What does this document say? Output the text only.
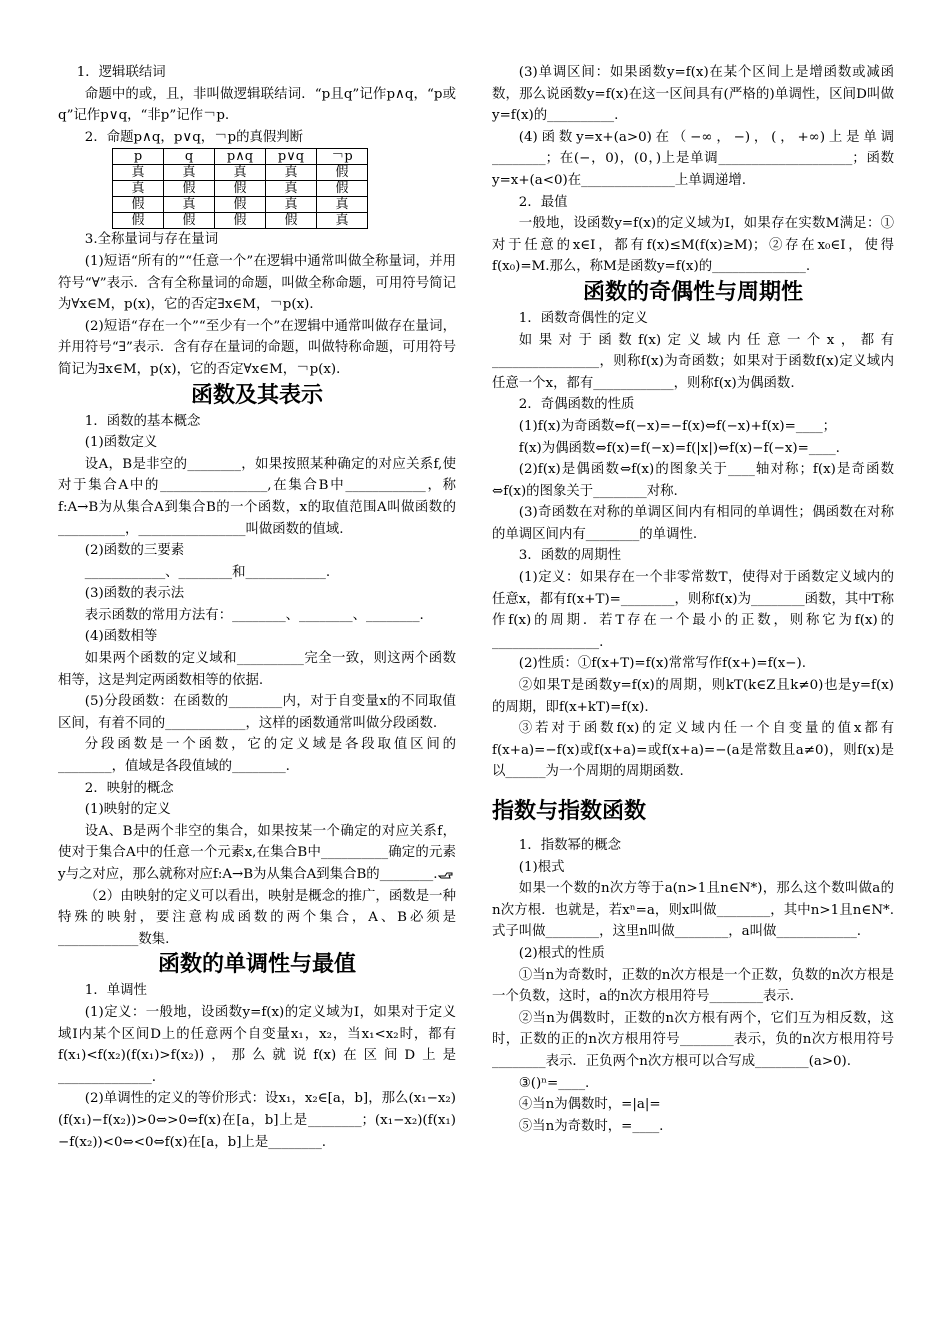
1．逻辑联结词

命题中的或，且，非叫做逻辑联结词．“p且q”记作p∧q，“p或q”记作p∨q，“非p”记作￢p.

2．命题p∧q，p∨q，￢p的真假判断

p	q	p∧q	p∨q	￢p
真	真	真	真	假
真	假	假	真	假
假	真	假	真	真
假	假	假	假	真

3.全称量词与存在量词

(1)短语“所有的”“任意一个”在逻辑中通常叫做全称量词，并用符号“∀”表示．含有全称量词的命题，叫做全称命题，可用符号简记为∀x∈M，p(x)，它的否定∃x∈M，￢p(x)．

(2)短语“存在一个”“至少有一个”在逻辑中通常叫做存在量词，并用符号“∃”表示．含有存在量词的命题，叫做特称命题，可用符号简记为∃x∈M，p(x)，它的否定∀x∈M，￢p(x)．

函数及其表示

1．函数的基本概念

(1)函数定义

设A，B是非空的________，如果按照某种确定的对应关系f,使对于集合A中的________________,在集合B中____________，称f:A→B为从集合A到集合B的一个函数，x的取值范围A叫做函数的__________，________________叫做函数的值域.

(2)函数的三要素

____________、________和____________.

(3)函数的表示法

表示函数的常用方法有：________、________、________.

(4)函数相等

如果两个函数的定义域和__________完全一致，则这两个函数相等，这是判定两函数相等的依据.

(5)分段函数：在函数的________内，对于自变量x的不同取值区间，有着不同的____________，这样的函数通常叫做分段函数.

分段函数是一个函数，它的定义域是各段取值区间的________，值域是各段值域的________.

2．映射的概念

(1)映射的定义

设A、B是两个非空的集合，如果按某一个确定的对应关系f，使对于集合A中的任意一个元素x,在集合B中__________确定的元素y与之对应，那么就称对应f:A→B为从集合A到集合B的________.

（2）由映射的定义可以看出，映射是概念的推广，函数是一种特殊的映射，要注意构成函数的两个集合，A、B必须是____________数集.

函数的单调性与最值

1．单调性

(1)定义：一般地，设函数y=f(x)的定义域为I，如果对于定义域I内某个区间D上的任意两个自变量x₁，x₂，当x₁<x₂时，都有f(x₁)<f(x₂)(f(x₁)>f(x₂))，那么就说f(x)在区间D上是______________.

(2)单调性的定义的等价形式：设x₁，x₂∈[a，b]，那么(x₁−x₂)(f(x₁)−f(x₂))>0⇔>0⇔f(x)在[a，b]上是________；(x₁−x₂)(f(x₁)−f(x₂))<0⇔<0⇔f(x)在[a，b]上是________.

(3)单调区间：如果函数y=f(x)在某个区间上是增函数或减函数，那么说函数y=f(x)在这一区间具有(严格的)单调性，区间D叫做y=f(x)的__________.

(4)函数y=x+(a>0)在（−∞，−)，(，+∞)上是单调________；在(−，0)，(0，)上是单调____________________；函数y=x+(a<0)在______________上单调递增.

2．最值

一般地，设函数y=f(x)的定义域为I，如果存在实数M满足：①对于任意的x∈I，都有f(x)≤M(f(x)≥M)；②存在x₀∈I，使得f(x₀)=M.那么，称M是函数y=f(x)的______________.

函数的奇偶性与周期性

1．函数奇偶性的定义

如果对于函数f(x)定义域内任意一个x，都有________________，则称f(x)为奇函数；如果对于函数f(x)定义域内任意一个x，都有____________，则称f(x)为偶函数.

2．奇偶函数的性质

(1)f(x)为奇函数⇔f(−x)=−f(x)⇔f(−x)+f(x)=____；

f(x)为偶函数⇔f(x)=f(−x)=f(|x|)⇔f(x)−f(−x)=____.

(2)f(x)是偶函数⇔f(x)的图象关于____轴对称；f(x)是奇函数⇔f(x)的图象关于________对称.

(3)奇函数在对称的单调区间内有相同的单调性；偶函数在对称的单调区间内有________的单调性.

3．函数的周期性

(1)定义：如果存在一个非零常数T，使得对于函数定义域内的任意x，都有f(x+T)=________，则称f(x)为________函数，其中T称作f(x)的周期．若T存在一个最小的正数，则称它为f(x)的________________.

(2)性质：①f(x+T)=f(x)常常写作f(x+)=f(x−).

②如果T是函数y=f(x)的周期，则kT(k∈Z且k≠0)也是y=f(x)的周期，即f(x+kT)=f(x).

③若对于函数f(x)的定义域内任一个自变量的值x都有f(x+a)=−f(x)或f(x+a)=或f(x+a)=−(a是常数且a≠0)，则f(x)是以______为一个周期的周期函数.

指数与指数函数

1．指数幂的概念

(1)根式

如果一个数的n次方等于a(n>1且n∈N*)，那么这个数叫做a的n次方根．也就是，若xⁿ=a，则x叫做________，其中n>1且n∈N*.式子叫做________，这里n叫做________，a叫做____________.

(2)根式的性质

①当n为奇数时，正数的n次方根是一个正数，负数的n次方根是一个负数，这时，a的n次方根用符号________表示.

②当n为偶数时，正数的n次方根有两个，它们互为相反数，这时，正数的正的n次方根用符号________表示，负的n次方根用符号________表示．正负两个n次方根可以合写成________(a>0).

③()ⁿ=____.

④当n为偶数时，=|a|=

⑤当n为奇数时，=____.
